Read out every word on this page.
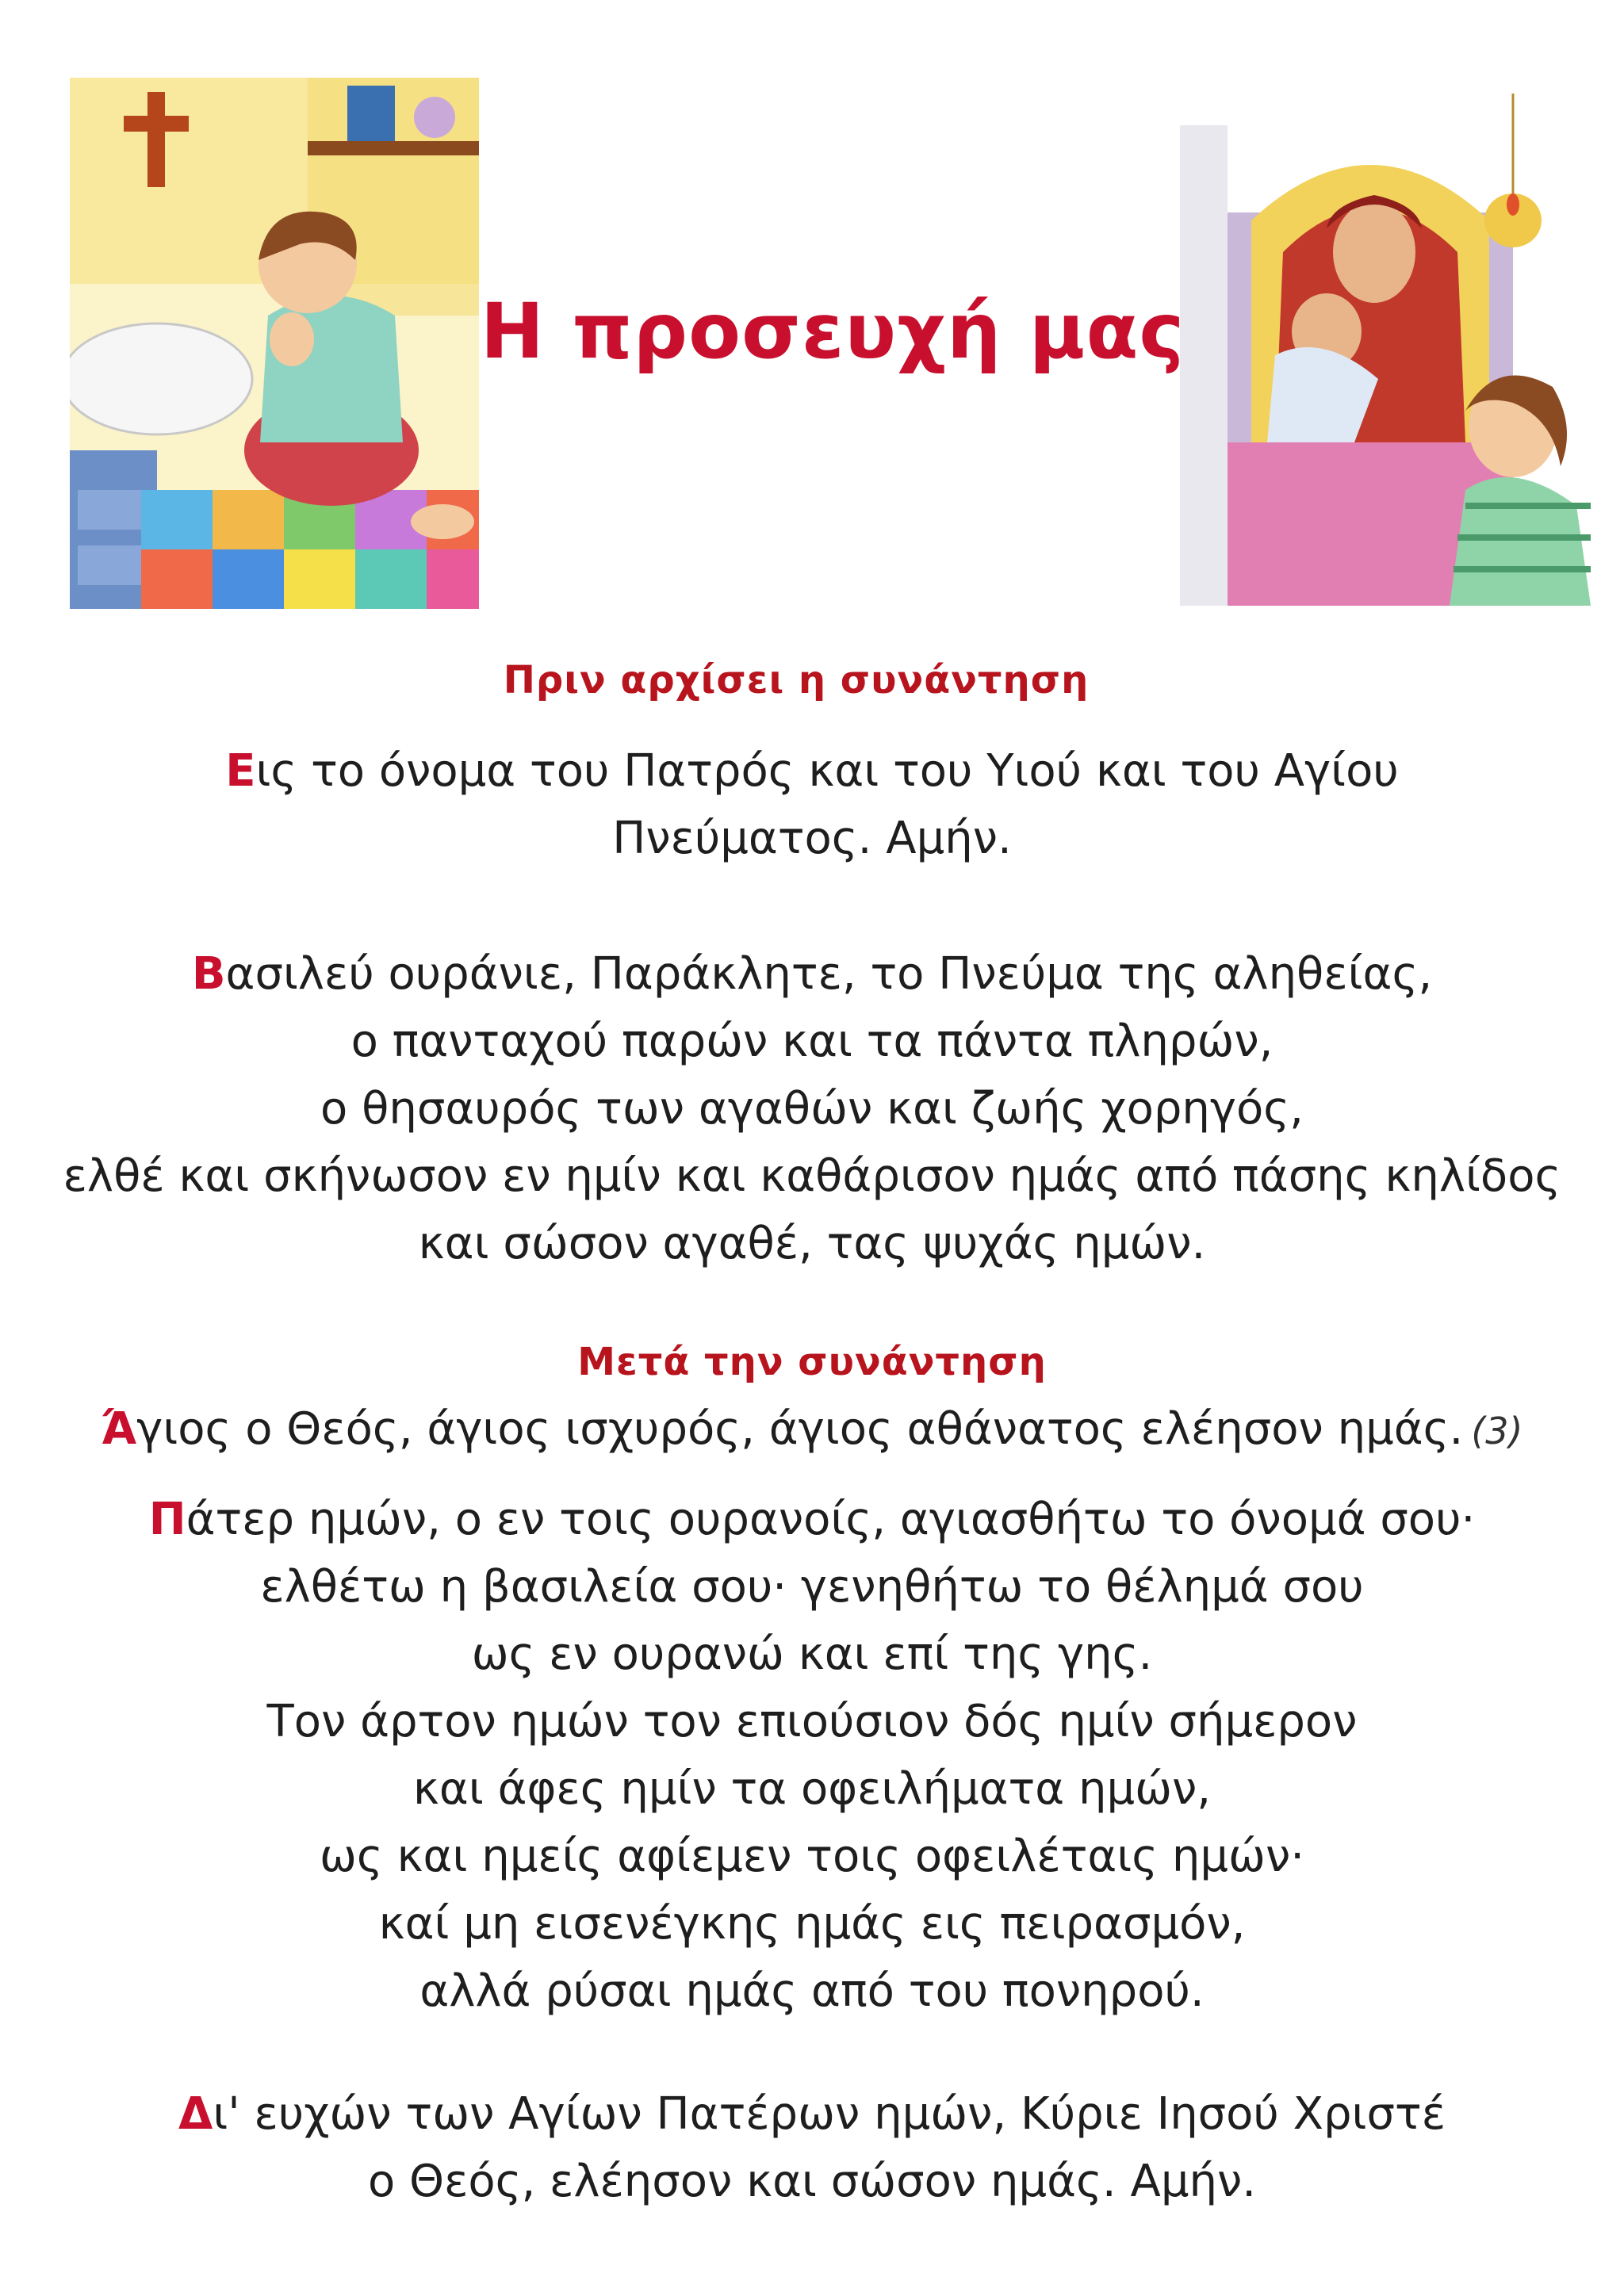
Η προσευχή μας
Πριν αρχίσει η συνάντηση
Εις το όνομα του Πατρός και του Υιού και του Αγίου
Πνεύματος. Αμήν.
Βασιλεύ ουράνιε, Παράκλητε, το Πνεύμα της αληθείας,
ο πανταχού παρών και τα πάντα πληρών,
ο θησαυρός των αγαθών και ζωής χορηγός,
ελθέ και σκήνωσον εν ημίν και καθάρισον ημάς από πάσης κηλίδος
και σώσον αγαθέ, τας ψυχάς ημών.
Μετά την συνάντηση
Άγιος ο Θεός, άγιος ισχυρός, άγιος αθάνατος ελέησον ημάς. (3)
Πάτερ ημών, ο εν τοις ουρανοίς, αγιασθήτω το όνομά σου·
ελθέτω η βασιλεία σου· γενηθήτω το θέλημά σου
ως εν ουρανώ και επί της γης.
Τον άρτον ημών τον επιούσιον δός ημίν σήμερον
και άφες ημίν τα οφειλήματα ημών,
ως και ημείς αφίεμεν τοις οφειλέταις ημών·
καί μη εισενέγκης ημάς εις πειρασμόν,
αλλά ρύσαι ημάς από του πονηρού.
Δι' ευχών των Αγίων Πατέρων ημών, Κύριε Ιησού Χριστέ
ο Θεός, ελέησον και σώσον ημάς. Αμήν.
